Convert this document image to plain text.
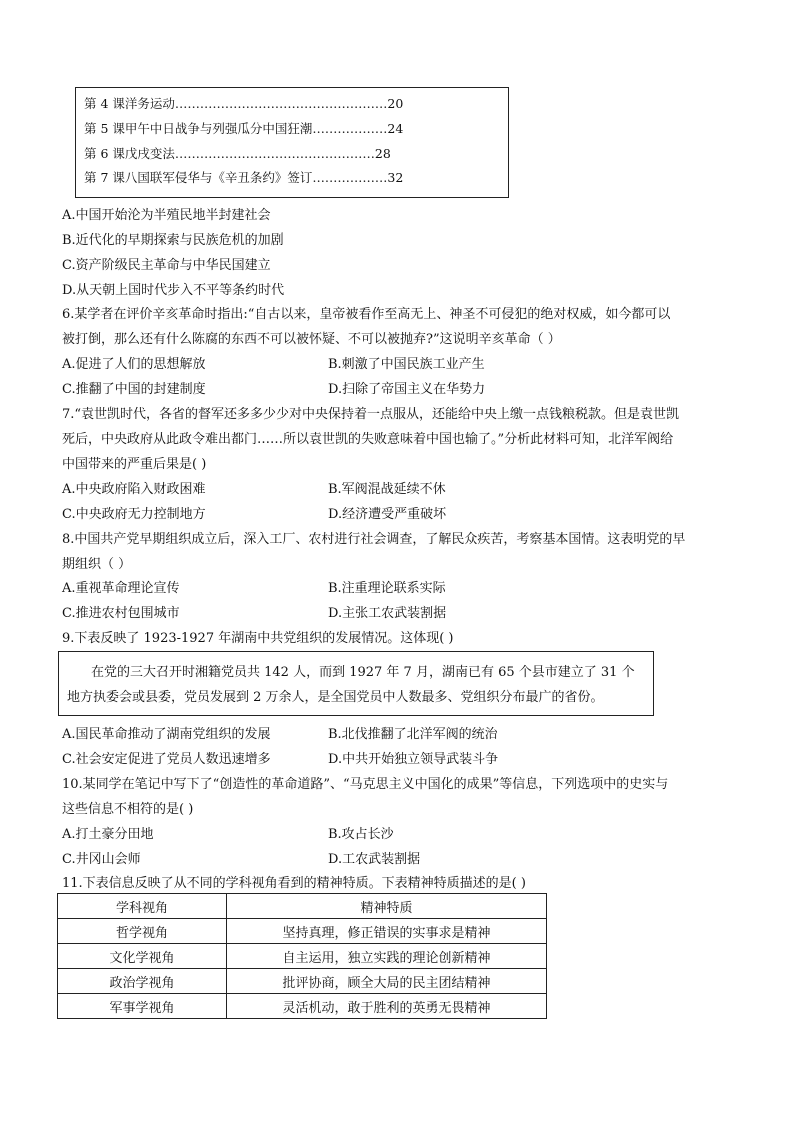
第 4 课洋务运动……………………………………………20
第 5 课甲午中日战争与列强瓜分中国狂潮………………24
第 6 课戊戌变法…………………………………………28
第 7 课八国联军侵华与《辛丑条约》签订………………32
A.中国开始沦为半殖民地半封建社会
B.近代化的早期探索与民族危机的加剧
C.资产阶级民主革命与中华民国建立
D.从天朝上国时代步入不平等条约时代
6.某学者在评价辛亥革命时指出:“自古以来，皇帝被看作至高无上、神圣不可侵犯的绝对权威，如今都可以
被打倒，那么还有什么陈腐的东西不可以被怀疑、不可以被抛弃?”这说明辛亥革命（ ）
A.促进了人们的思想解放	B.刺激了中国民族工业产生
C.推翻了中国的封建制度	D.扫除了帝国主义在华势力
7.“袁世凯时代，各省的督军还多多少少对中央保持着一点服从，还能给中央上缴一点钱粮税款。但是袁世凯
死后，中央政府从此政令难出都门……所以袁世凯的失败意味着中国也输了。”分析此材料可知，北洋军阀给
中国带来的严重后果是( )
A.中央政府陷入财政困难	B.军阀混战延续不休
C.中央政府无力控制地方	D.经济遭受严重破坏
8.中国共产党早期组织成立后，深入工厂、农村进行社会调查，了解民众疾苦，考察基本国情。这表明党的早
期组织（ ）
A.重视革命理论宣传	B.注重理论联系实际
C.推进农村包围城市	D.主张工农武装割据
9.下表反映了 1923-1927 年湖南中共党组织的发展情况。这体现( )
在党的三大召开时湘籍党员共 142 人，而到 1927 年 7 月，湖南已有 65 个县市建立了 31 个
地方执委会或县委，党员发展到 2 万余人，是全国党员中人数最多、党组织分布最广的省份。
A.国民革命推动了湖南党组织的发展	B.北伐推翻了北洋军阀的统治
C.社会安定促进了党员人数迅速增多	D.中共开始独立领导武装斗争
10.某同学在笔记中写下了“创造性的革命道路”、“马克思主义中国化的成果”等信息，下列选项中的史实与
这些信息不相符的是( )
A.打土豪分田地	B.攻占长沙
C.井冈山会师	D.工农武装割据
11.下表信息反映了从不同的学科视角看到的精神特质。下表精神特质描述的是( )
学科视角	精神特质
哲学视角	坚持真理，修正错误的实事求是精神
文化学视角	自主运用，独立实践的理论创新精神
政治学视角	批评协商，顾全大局的民主团结精神
军事学视角	灵活机动，敢于胜利的英勇无畏精神
